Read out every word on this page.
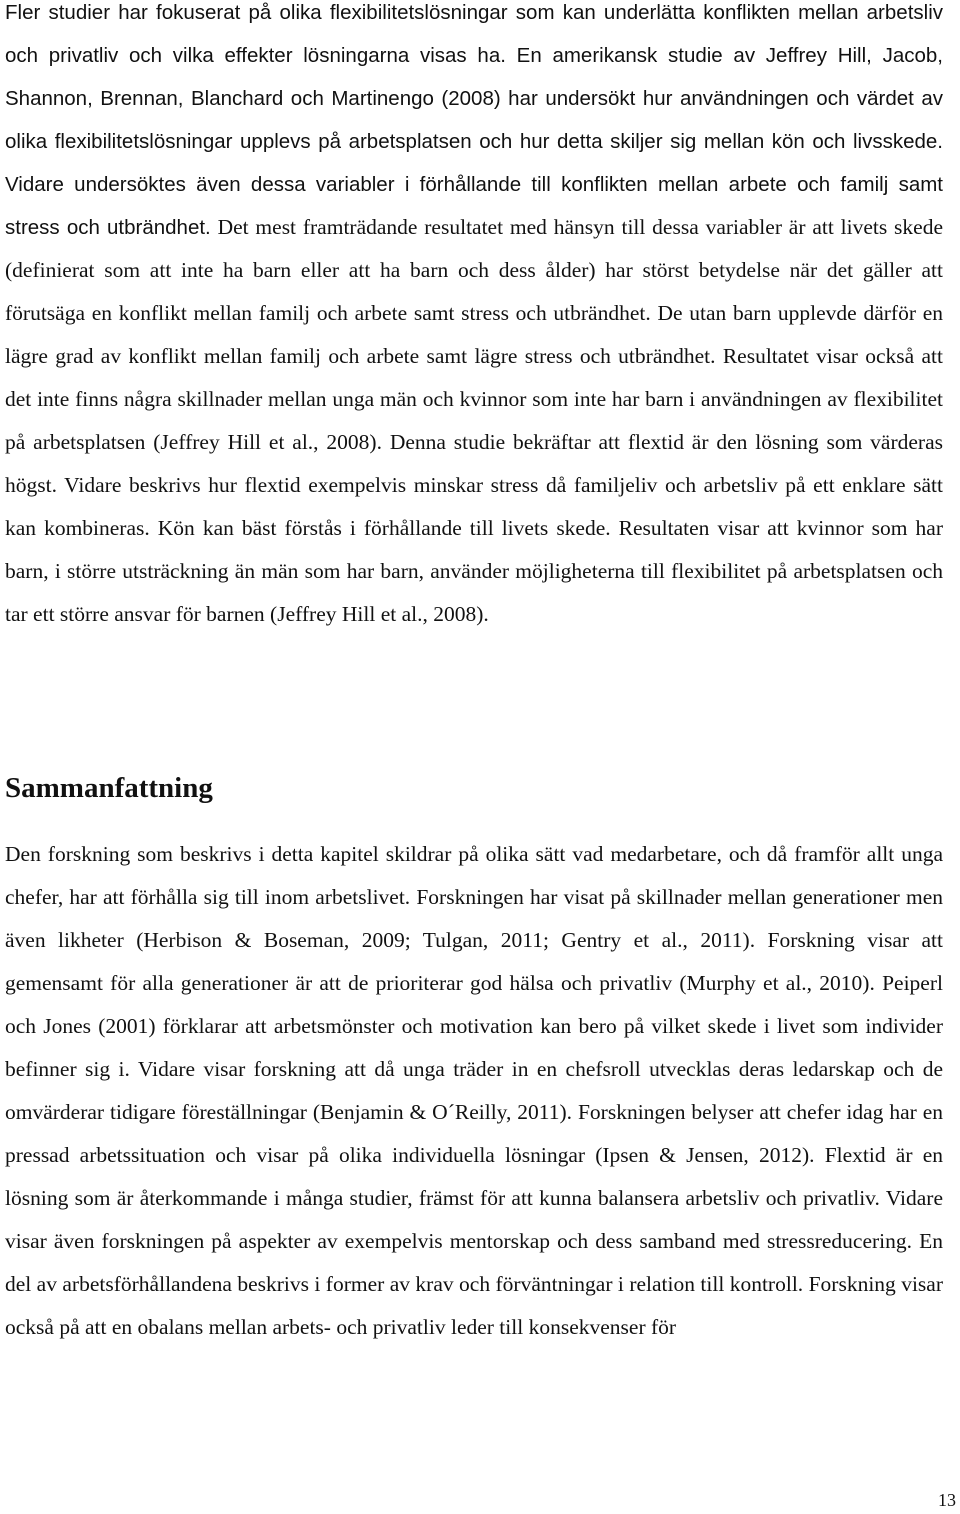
Fler studier har fokuserat på olika flexibilitetslösningar som kan underlätta konflikten mellan arbetsliv och privatliv och vilka effekter lösningarna visas ha. En amerikansk studie av Jeffrey Hill, Jacob, Shannon, Brennan, Blanchard och Martinengo (2008) har undersökt hur användningen och värdet av olika flexibilitetslösningar upplevs på arbetsplatsen och hur detta skiljer sig mellan kön och livsskede. Vidare undersöktes även dessa variabler i förhållande till konflikten mellan arbete och familj samt stress och utbrändhet. Det mest framträdande resultatet med hänsyn till dessa variabler är att livets skede (definierat som att inte ha barn eller att ha barn och dess ålder) har störst betydelse när det gäller att förutsäga en konflikt mellan familj och arbete samt stress och utbrändhet. De utan barn upplevde därför en lägre grad av konflikt mellan familj och arbete samt lägre stress och utbrändhet. Resultatet visar också att det inte finns några skillnader mellan unga män och kvinnor som inte har barn i användningen av flexibilitet på arbetsplatsen (Jeffrey Hill et al., 2008). Denna studie bekräftar att flextid är den lösning som värderas högst. Vidare beskrivs hur flextid exempelvis minskar stress då familjeliv och arbetsliv på ett enklare sätt kan kombineras. Kön kan bäst förstås i förhållande till livets skede. Resultaten visar att kvinnor som har barn, i större utsträckning än män som har barn, använder möjligheterna till flexibilitet på arbetsplatsen och tar ett större ansvar för barnen (Jeffrey Hill et al., 2008).

Sammanfattning

Den forskning som beskrivs i detta kapitel skildrar på olika sätt vad medarbetare, och då framför allt unga chefer, har att förhålla sig till inom arbetslivet. Forskningen har visat på skillnader mellan generationer men även likheter (Herbison & Boseman, 2009; Tulgan, 2011; Gentry et al., 2011). Forskning visar att gemensamt för alla generationer är att de prioriterar god hälsa och privatliv (Murphy et al., 2010). Peiperl och Jones (2001) förklarar att arbetsmönster och motivation kan bero på vilket skede i livet som individer befinner sig i. Vidare visar forskning att då unga träder in en chefsroll utvecklas deras ledarskap och de omvärderar tidigare föreställningar (Benjamin & O´Reilly, 2011). Forskningen belyser att chefer idag har en pressad arbetssituation och visar på olika individuella lösningar (Ipsen & Jensen, 2012). Flextid är en lösning som är återkommande i många studier, främst för att kunna balansera arbetsliv och privatliv. Vidare visar även forskningen på aspekter av exempelvis mentorskap och dess samband med stressreducering. En del av arbetsförhållandena beskrivs i former av krav och förväntningar i relation till kontroll. Forskning visar också på att en obalans mellan arbets- och privatliv leder till konsekvenser för

13
